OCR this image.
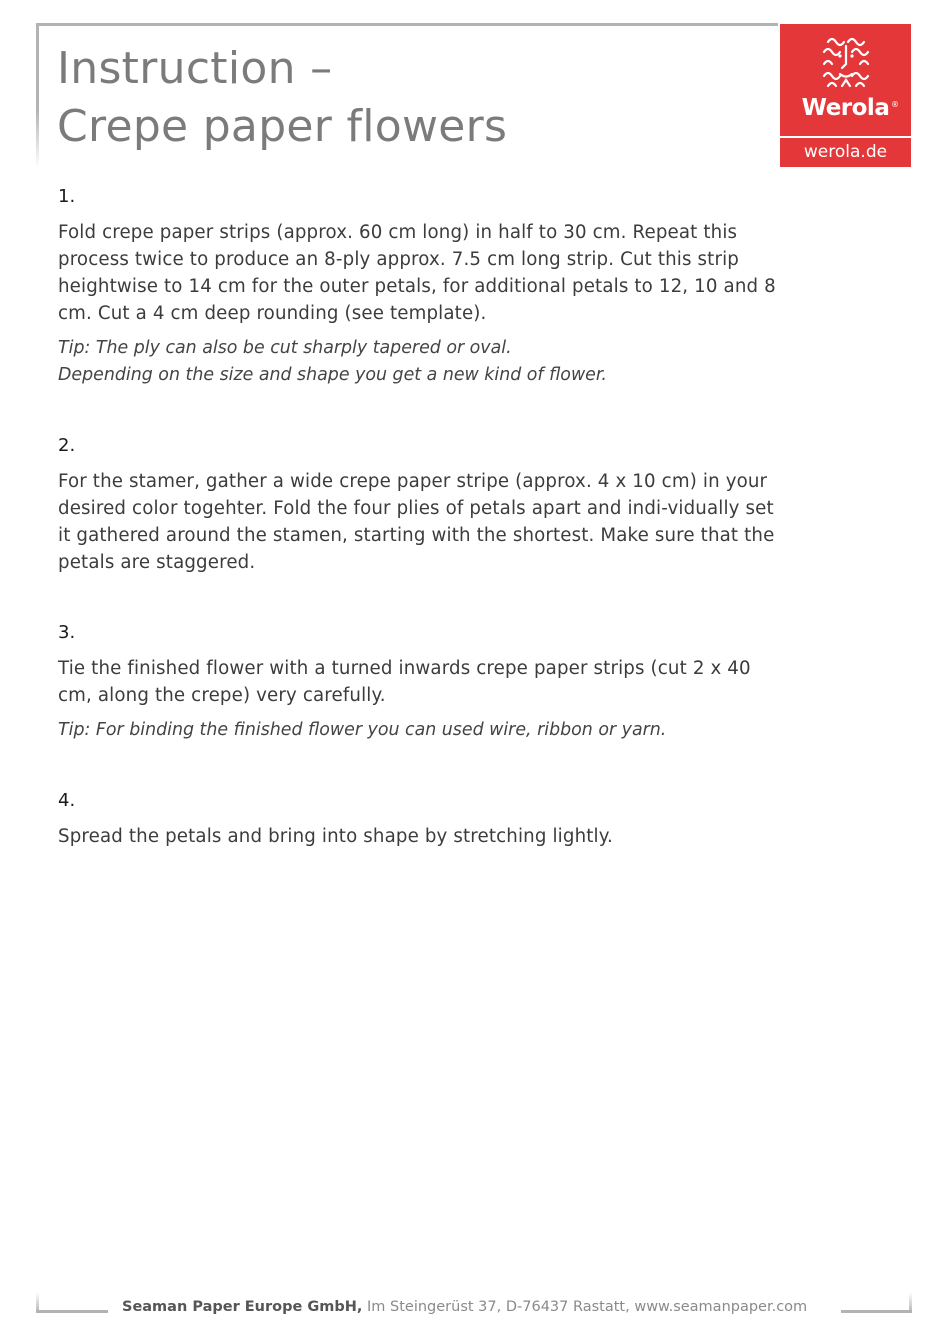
Instruction –
Crepe paper flowers	Werola ®
werola.de
1.
Fold crepe paper strips (approx. 60 cm long) in half to 30 cm. Repeat this process twice to produce an 8-ply approx. 7.5 cm long strip. Cut this strip heightwise to 14 cm for the outer petals, for additional petals to 12, 10 and 8 cm. Cut a 4 cm deep rounding (see template).
Tip: The ply can also be cut sharply tapered or oval.
Depending on the size and shape you get a new kind of flower.
2.
For the stamer, gather a wide crepe paper stripe (approx. 4 x 10 cm) in your desired color togehter. Fold the four plies of petals apart and indi-vidually set it gathered around the stamen, starting with the shortest. Make sure that the petals are staggered.
3.
Tie the finished flower with a turned inwards crepe paper strips (cut 2 x 40 cm, along the crepe) very carefully.
Tip: For binding the finished flower you can used wire, ribbon or yarn.
4.
Spread the petals and bring into shape by stretching lightly.
Seaman Paper Europe GmbH, Im Steingerüst 37, D-76437 Rastatt, www.seamanpaper.com
